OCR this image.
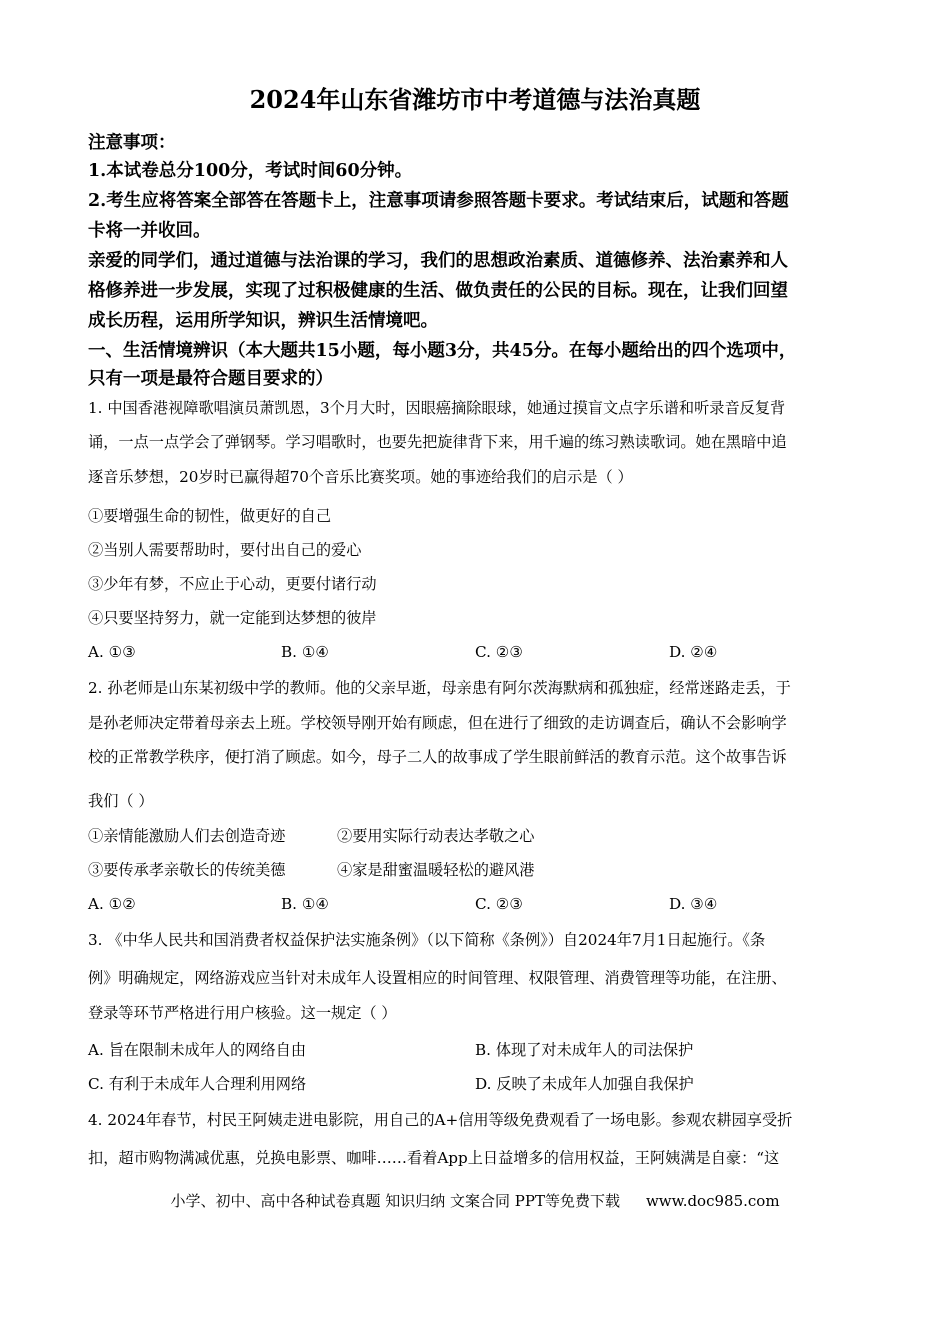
2024年山东省潍坊市中考道德与法治真题
注意事项：
1.本试卷总分100分，考试时间60分钟。
2.考生应将答案全部答在答题卡上，注意事项请参照答题卡要求。考试结束后，试题和答题
卡将一并收回。
亲爱的同学们，通过道德与法治课的学习，我们的思想政治素质、道德修养、法治素养和人
格修养进一步发展，实现了过积极健康的生活、做负责任的公民的目标。现在，让我们回望
成长历程，运用所学知识，辨识生活情境吧。
一、生活情境辨识（本大题共15小题，每小题3分，共45分。在每小题给出的四个选项中，
只有一项是最符合题目要求的）
1. 中国香港视障歌唱演员萧凯恩，3个月大时，因眼癌摘除眼球，她通过摸盲文点字乐谱和听录音反复背
诵，一点一点学会了弹钢琴。学习唱歌时，也要先把旋律背下来，用千遍的练习熟读歌词。她在黑暗中追
逐音乐梦想，20岁时已赢得超70个音乐比赛奖项。她的事迹给我们的启示是（ ）
①要增强生命的韧性，做更好的自己
②当别人需要帮助时，要付出自己的爱心
③少年有梦，不应止于心动，更要付诸行动
④只要坚持努力，就一定能到达梦想的彼岸
A. ①③	B. ①④	C. ②③	D. ②④
2. 孙老师是山东某初级中学的教师。他的父亲早逝，母亲患有阿尔茨海默病和孤独症，经常迷路走丢，于
是孙老师决定带着母亲去上班。学校领导刚开始有顾虑，但在进行了细致的走访调查后，确认不会影响学
校的正常教学秩序，便打消了顾虑。如今，母子二人的故事成了学生眼前鲜活的教育示范。这个故事告诉
我们（ ）
①亲情能激励人们去创造奇迹	②要用实际行动表达孝敬之心
③要传承孝亲敬长的传统美德	④家是甜蜜温暖轻松的避风港
A. ①②	B. ①④	C. ②③	D. ③④
3. 《中华人民共和国消费者权益保护法实施条例》（以下简称《条例》）自2024年7月1日起施行。《条
例》明确规定，网络游戏应当针对未成年人设置相应的时间管理、权限管理、消费管理等功能，在注册、
登录等环节严格进行用户核验。这一规定（ ）
A. 旨在限制未成年人的网络自由	B. 体现了对未成年人的司法保护
C. 有利于未成年人合理利用网络	D. 反映了未成年人加强自我保护
4. 2024年春节，村民王阿姨走进电影院，用自己的A+信用等级免费观看了一场电影。参观农耕园享受折
扣，超市购物满减优惠，兑换电影票、咖啡……看着App上日益增多的信用权益，王阿姨满是自豪：“这
小学、初中、高中各种试卷真题 知识归纳 文案合同 PPT等免费下载 www.doc985.com
